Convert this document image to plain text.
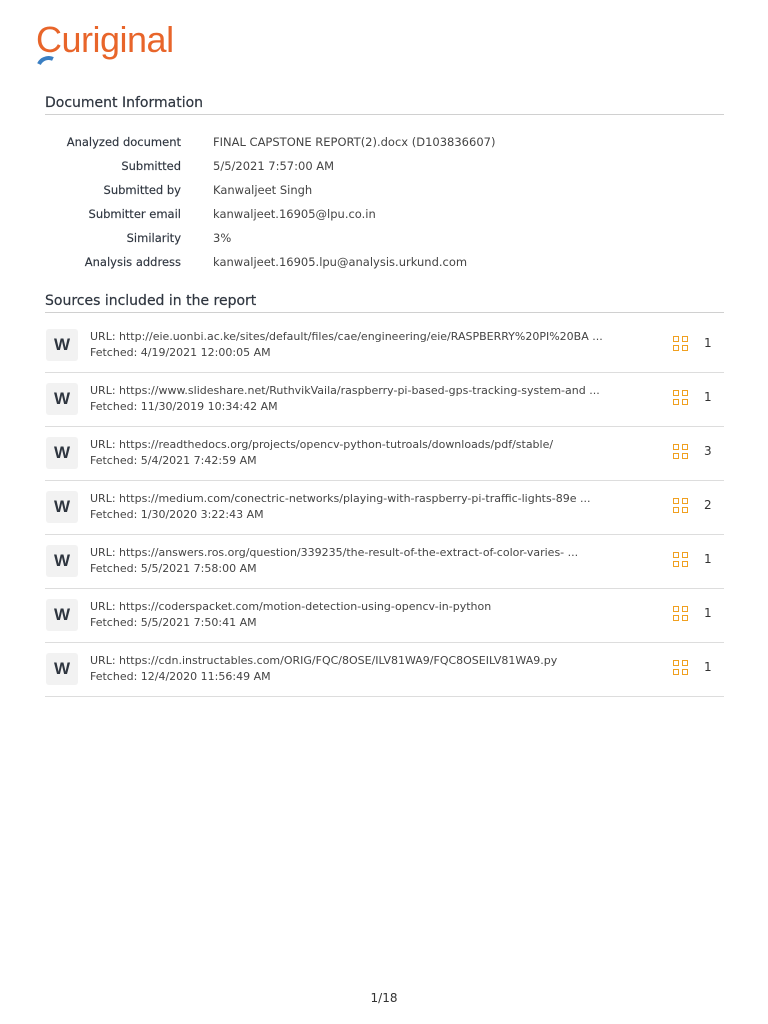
Curiginal
Document Information
Analyzed document	FINAL CAPSTONE REPORT(2).docx (D103836607)
Submitted	5/5/2021 7:57:00 AM
Submitted by	Kanwaljeet Singh
Submitter email	kanwaljeet.16905@lpu.co.in
Similarity	3%
Analysis address	kanwaljeet.16905.lpu@analysis.urkund.com
Sources included in the report
W	URL: http://eie.uonbi.ac.ke/sites/default/files/cae/engineering/eie/RASPBERRY%20PI%20BA ...
Fetched: 4/19/2021 12:00:05 AM
1
W	URL: https://www.slideshare.net/RuthvikVaila/raspberry-pi-based-gps-tracking-system-and ...
Fetched: 11/30/2019 10:34:42 AM
1
W	URL: https://readthedocs.org/projects/opencv-python-tutroals/downloads/pdf/stable/
Fetched: 5/4/2021 7:42:59 AM
3
W	URL: https://medium.com/conectric-networks/playing-with-raspberry-pi-traffic-lights-89e ...
Fetched: 1/30/2020 3:22:43 AM
2
W	URL: https://answers.ros.org/question/339235/the-result-of-the-extract-of-color-varies- ...
Fetched: 5/5/2021 7:58:00 AM
1
W	URL: https://coderspacket.com/motion-detection-using-opencv-in-python
Fetched: 5/5/2021 7:50:41 AM
1
W	URL: https://cdn.instructables.com/ORIG/FQC/8OSE/ILV81WA9/FQC8OSEILV81WA9.py
Fetched: 12/4/2020 11:56:49 AM
1
1/18
